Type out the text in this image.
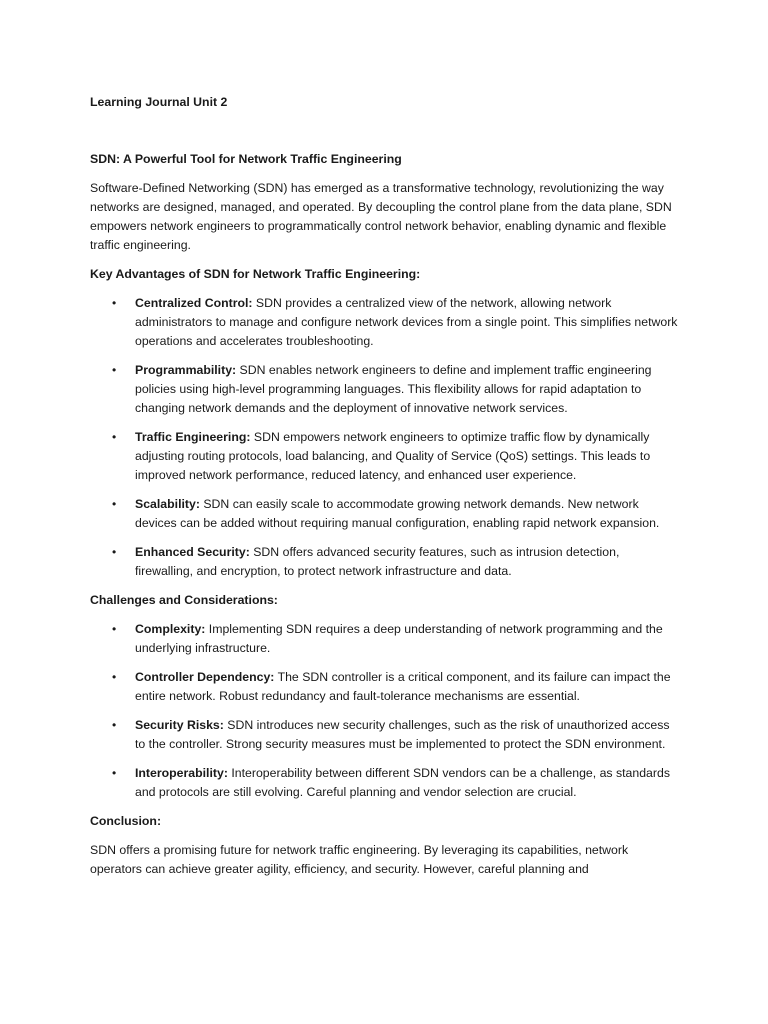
Learning Journal Unit 2
SDN: A Powerful Tool for Network Traffic Engineering

Software-Defined Networking (SDN) has emerged as a transformative technology, revolutionizing the way networks are designed, managed, and operated. By decoupling the control plane from the data plane, SDN empowers network engineers to programmatically control network behavior, enabling dynamic and flexible traffic engineering.

Key Advantages of SDN for Network Traffic Engineering:
• Centralized Control: SDN provides a centralized view of the network, allowing network administrators to manage and configure network devices from a single point. This simplifies network operations and accelerates troubleshooting.
• Programmability: SDN enables network engineers to define and implement traffic engineering policies using high-level programming languages. This flexibility allows for rapid adaptation to changing network demands and the deployment of innovative network services.
• Traffic Engineering: SDN empowers network engineers to optimize traffic flow by dynamically adjusting routing protocols, load balancing, and Quality of Service (QoS) settings. This leads to improved network performance, reduced latency, and enhanced user experience.
• Scalability: SDN can easily scale to accommodate growing network demands. New network devices can be added without requiring manual configuration, enabling rapid network expansion.
• Enhanced Security: SDN offers advanced security features, such as intrusion detection, firewalling, and encryption, to protect network infrastructure and data.
Challenges and Considerations:
• Complexity: Implementing SDN requires a deep understanding of network programming and the underlying infrastructure.
• Controller Dependency: The SDN controller is a critical component, and its failure can impact the entire network. Robust redundancy and fault-tolerance mechanisms are essential.
• Security Risks: SDN introduces new security challenges, such as the risk of unauthorized access to the controller. Strong security measures must be implemented to protect the SDN environment.
• Interoperability: Interoperability between different SDN vendors can be a challenge, as standards and protocols are still evolving. Careful planning and vendor selection are crucial.
Conclusion:

SDN offers a promising future for network traffic engineering. By leveraging its capabilities, network operators can achieve greater agility, efficiency, and security. However, careful planning and
